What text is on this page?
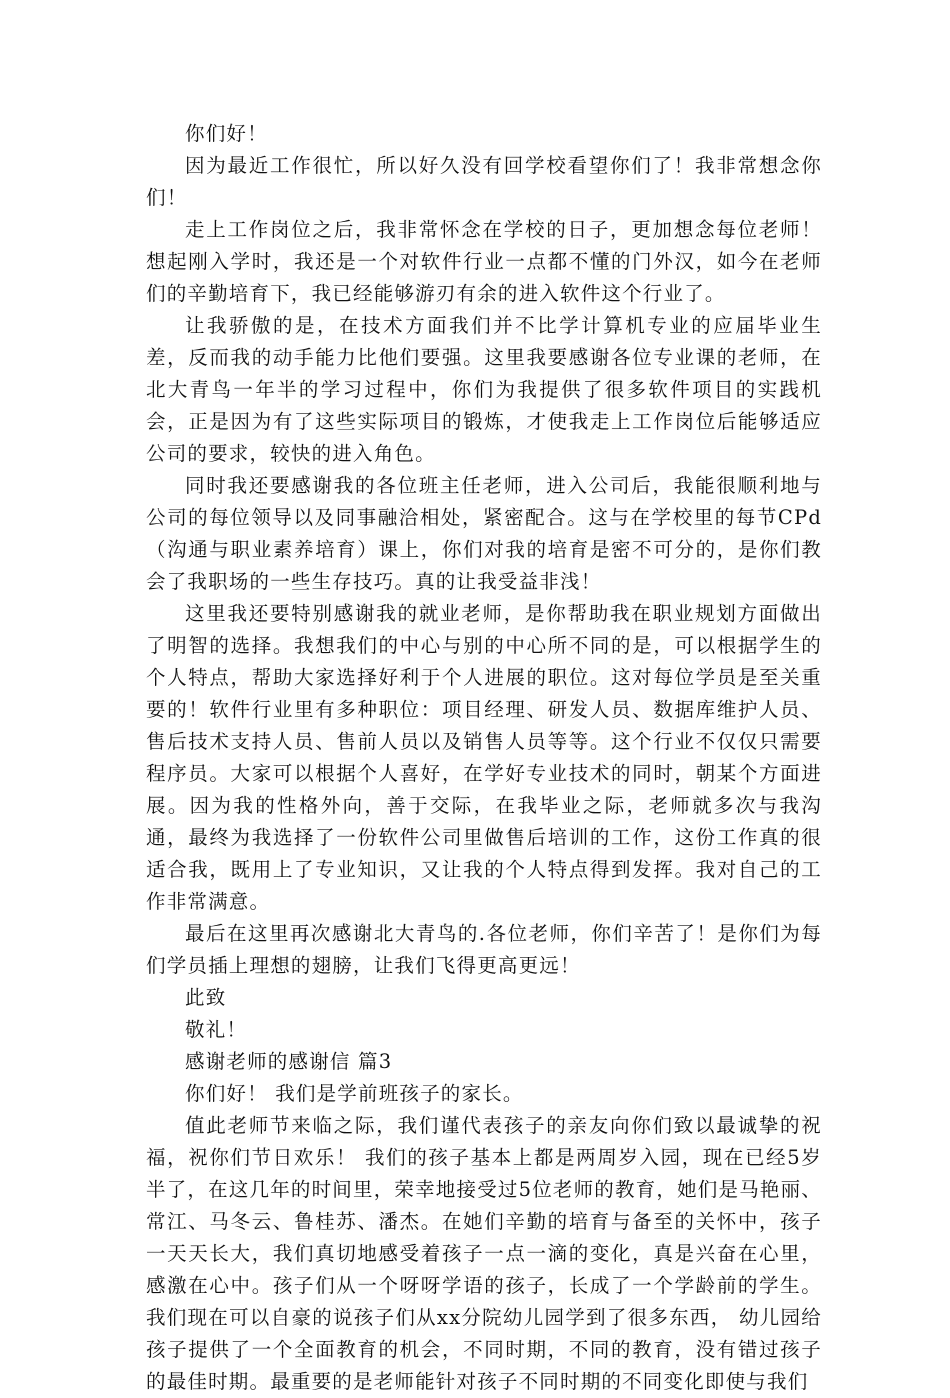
你们好！

因为最近工作很忙，所以好久没有回学校看望你们了！我非常想念你们！

走上工作岗位之后，我非常怀念在学校的日子，更加想念每位老师！想起刚入学时，我还是一个对软件行业一点都不懂的门外汉，如今在老师们的辛勤培育下，我已经能够游刃有余的进入软件这个行业了。

让我骄傲的是，在技术方面我们并不比学计算机专业的应届毕业生差，反而我的动手能力比他们要强。这里我要感谢各位专业课的老师，在北大青鸟一年半的学习过程中，你们为我提供了很多软件项目的实践机会，正是因为有了这些实际项目的锻炼，才使我走上工作岗位后能够适应公司的要求，较快的进入角色。

同时我还要感谢我的各位班主任老师，进入公司后，我能很顺利地与公司的每位领导以及同事融洽相处，紧密配合。这与在学校里的每节CPd（沟通与职业素养培育）课上，你们对我的培育是密不可分的，是你们教会了我职场的一些生存技巧。真的让我受益非浅！

这里我还要特别感谢我的就业老师，是你帮助我在职业规划方面做出了明智的选择。我想我们的中心与别的中心所不同的是，可以根据学生的个人特点，帮助大家选择好利于个人进展的职位。这对每位学员是至关重要的！软件行业里有多种职位：项目经理、研发人员、数据库维护人员、售后技术支持人员、售前人员以及销售人员等等。这个行业不仅仅只需要程序员。大家可以根据个人喜好，在学好专业技术的同时，朝某个方面进展。因为我的性格外向，善于交际，在我毕业之际，老师就多次与我沟通，最终为我选择了一份软件公司里做售后培训的工作，这份工作真的很适合我，既用上了专业知识，又让我的个人特点得到发挥。我对自己的工作非常满意。

最后在这里再次感谢北大青鸟的.各位老师，你们辛苦了！是你们为每们学员插上理想的翅膀，让我们飞得更高更远！

此致

敬礼！

感谢老师的感谢信 篇3

你们好！ 我们是学前班孩子的家长。

值此老师节来临之际，我们谨代表孩子的亲友向你们致以最诚挚的祝福，祝你们节日欢乐！ 我们的孩子基本上都是两周岁入园，现在已经5岁半了，在这几年的时间里，荣幸地接受过5位老师的教育，她们是马艳丽、常江、马冬云、鲁桂苏、潘杰。在她们辛勤的培育与备至的关怀中，孩子一天天长大，我们真切地感受着孩子一点一滴的变化，真是兴奋在心里，感激在心中。孩子们从一个呀呀学语的孩子，长成了一个学龄前的学生。我们现在可以自豪的说孩子们从xx分院幼儿园学到了很多东西， 幼儿园给孩子提供了一个全面教育的机会，不同时期，不同的教育，没有错过孩子的最佳时期。最重要的是老师能针对孩子不同时期的不同变化即使与我们
